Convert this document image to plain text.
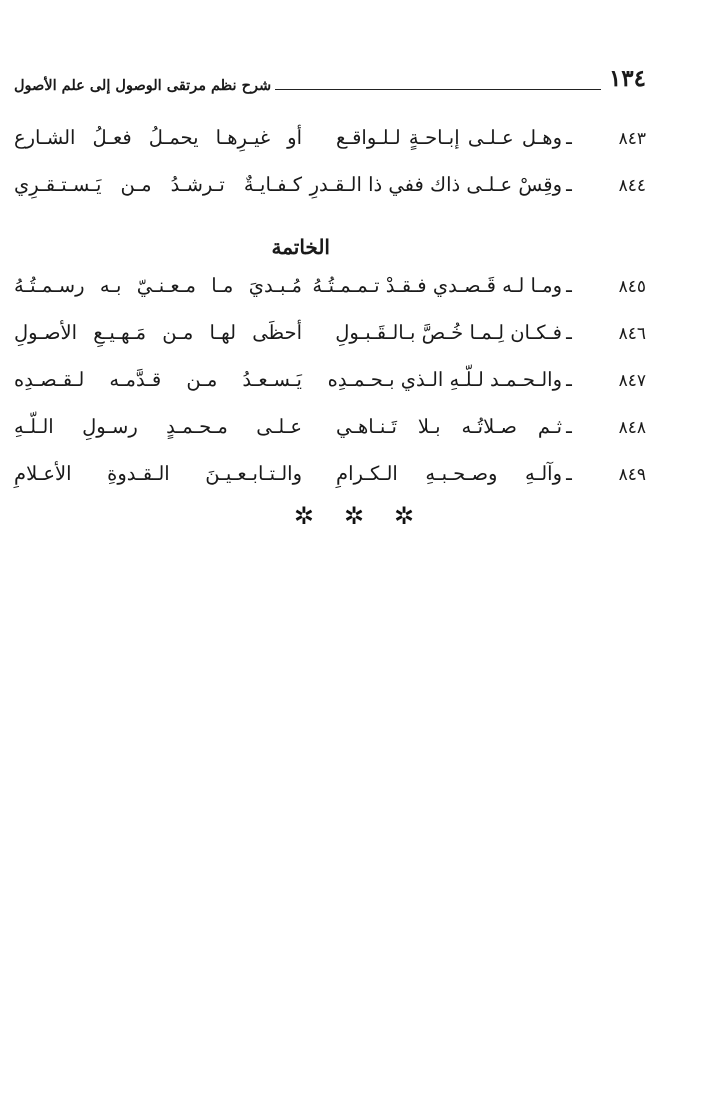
١٣٤
شرح نظم مرتقى الوصول إلى علم الأصول
٨٤٣
ـ
وهـل عـلـى إبـاحـةٍ لـلـواقـع
أو غيـرِهـا يحمـلُ فعـلُ الشـارع
٨٤٤
ـ
وقِسْ عـلـى ذاك ففي ذا الـقـدرِ
كـفـايـةٌ تـرشـدُ مـن يَـسـتـقـرِي
الخاتمة
٨٤٥
ـ
ومـا لـه قَـصـدي فـقـدْ تـمـمـتُـهُ
مُـبـديَ مـا مـعـنـيّ بـه رسـمـتُـهُ
٨٤٦
ـ
فـكـان لِـمـا خُـصَّ بـالـقَـبـولِ
أحظَى لهـا مـن مَـهـيـعِ الأصـولِ
٨٤٧
ـ
والـحـمـد لـلّـهِ الـذي بـحـمـدِه
يَـسـعـدُ مـن قـدَّمـه لـقـصـدِه
٨٤٨
ـ
ثـم صـلاتُـه بـلا تَـنـاهـي
عـلـى مـحـمـدٍ رسـولِ الـلّـهِ
٨٤٩
ـ
وآلـهِ وصـحـبـهِ الـكـرامِ
والـتـابـعـيـنَ الـقـدوةِ الأعـلامِ
✲ ✲ ✲
